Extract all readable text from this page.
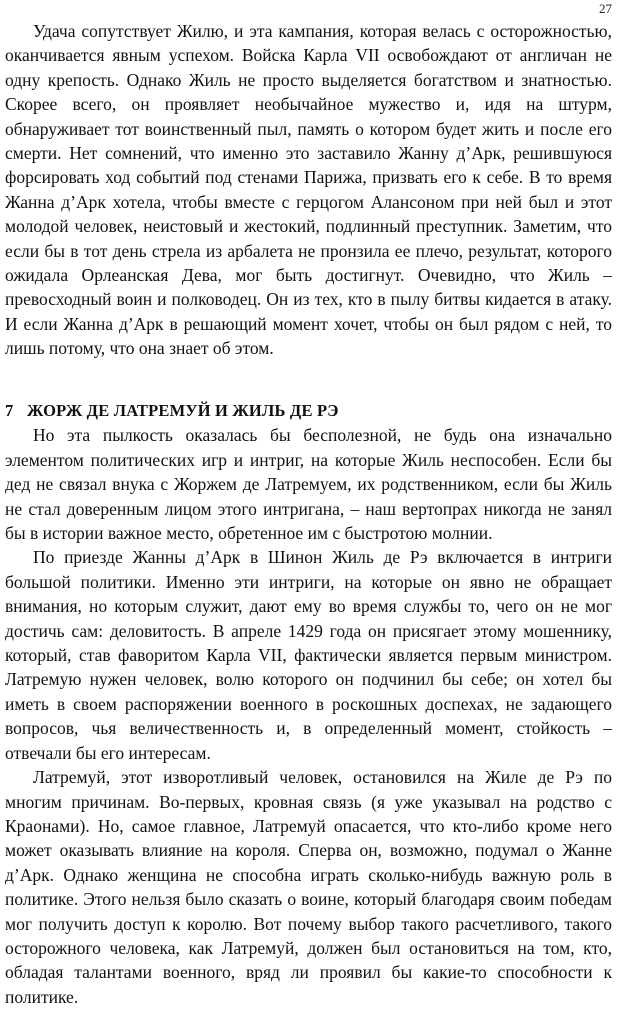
27

Удача сопутствует Жилю, и эта кампания, которая велась с осторожностью, оканчивается явным успехом. Войска Карла VII освобождают от англичан не одну крепость. Однако Жиль не просто выделяется богатством и знатностью. Скорее всего, он проявляет необычайное мужество и, идя на штурм, обнаруживает тот воинственный пыл, память о котором будет жить и после его смерти. Нет сомнений, что именно это заставило Жанну д’Арк, решившуюся форсировать ход событий под стенами Парижа, призвать его к себе. В то время Жанна д’Арк хотела, чтобы вместе с герцогом Алансоном при ней был и этот молодой человек, неистовый и жестокий, подлинный преступник. Заметим, что если бы в тот день стрела из арбалета не пронзила ее плечо, результат, которого ожидала Орлеанская Дева, мог быть достигнут. Очевидно, что Жиль – превосходный воин и полководец. Он из тех, кто в пылу битвы кидается в атаку. И если Жанна д’Арк в решающий момент хочет, чтобы он был рядом с ней, то лишь потому, что она знает об этом.

7 ЖОРЖ ДЕ ЛАТРЕМУЙ И ЖИЛЬ ДЕ РЭ

Но эта пылкость оказалась бы бесполезной, не будь она изначально элементом политических игр и интриг, на которые Жиль неспособен. Если бы дед не связал внука с Жоржем де Латремуем, их родственником, если бы Жиль не стал доверенным лицом этого интригана, – наш вертопрах никогда не занял бы в истории важное место, обретенное им с быстротою молнии.

По приезде Жанны д’Арк в Шинон Жиль де Рэ включается в интриги большой политики. Именно эти интриги, на которые он явно не обращает внимания, но которым служит, дают ему во время службы то, чего он не мог достичь сам: деловитость. В апреле 1429 года он присягает этому мошеннику, который, став фаворитом Карла VII, фактически является первым министром. Латремую нужен человек, волю которого он подчинил бы себе; он хотел бы иметь в своем распоряжении военного в роскошных доспехах, не задающего вопросов, чья величественность и, в определенный момент, стойкость – отвечали бы его интересам.

Латремуй, этот изворотливый человек, остановился на Жиле де Рэ по многим причинам. Во-первых, кровная связь (я уже указывал на родство с Краонами). Но, самое главное, Латремуй опасается, что кто-либо кроме него может оказывать влияние на короля. Сперва он, возможно, подумал о Жанне д’Арк. Однако женщина не способна играть сколько-нибудь важную роль в политике. Этого нельзя было сказать о воине, который благодаря своим победам мог получить доступ к королю. Вот почему выбор такого расчетливого, такого осторожного человека, как Латремуй, должен был остановиться на том, кто, обладая талантами военного, вряд ли проявил бы какие-то способности к политике.
